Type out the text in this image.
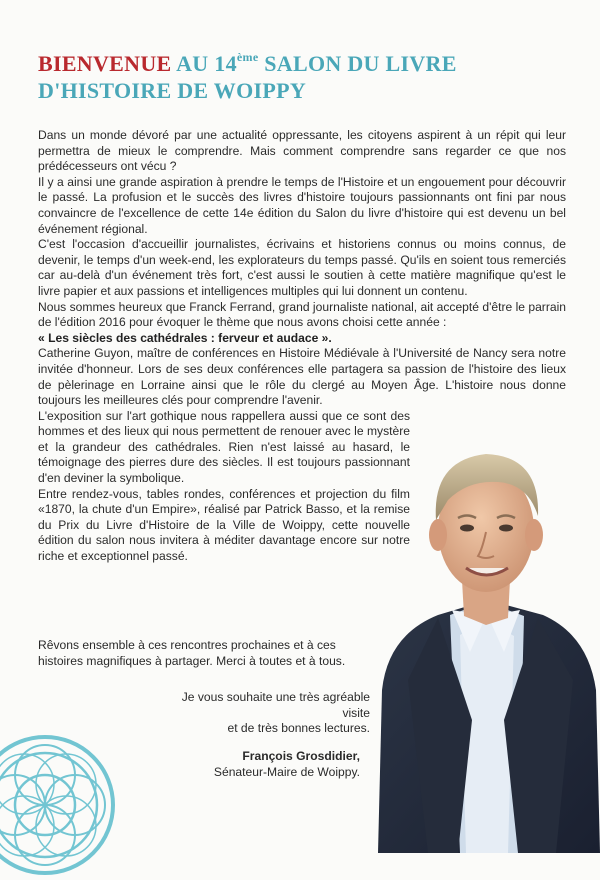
BIENVENUE AU 14ème SALON DU LIVRE
D'HISTOIRE DE WOIPPY

Dans un monde dévoré par une actualité oppressante, les citoyens aspirent à un répit qui leur permettra de mieux le comprendre. Mais comment comprendre sans regarder ce que nos prédécesseurs ont vécu ?

Il y a ainsi une grande aspiration à prendre le temps de l'Histoire et un engouement pour découvrir le passé. La profusion et le succès des livres d'histoire toujours passionnants ont fini par nous convaincre de l'excellence de cette 14e édition du Salon du livre d'histoire qui est devenu un bel événement régional.

C'est l'occasion d'accueillir journalistes, écrivains et historiens connus ou moins connus, de devenir, le temps d'un week-end, les explorateurs du temps passé. Qu'ils en soient tous remerciés car au-delà d'un événement très fort, c'est aussi le soutien à cette matière magnifique qu'est le livre papier et aux passions et intelligences multiples qui lui donnent un contenu.

Nous sommes heureux que Franck Ferrand, grand journaliste national, ait accepté d'être le parrain de l'édition 2016 pour évoquer le thème que nous avons choisi cette année :

« Les siècles des cathédrales : ferveur et audace ».

Catherine Guyon, maître de conférences en Histoire Médiévale à l'Université de Nancy sera notre invitée d'honneur. Lors de ses deux conférences elle partagera sa passion de l'histoire des lieux de pèlerinage en Lorraine ainsi que le rôle du clergé au Moyen Âge. L'histoire nous donne toujours les meilleures clés pour comprendre l'avenir.

L'exposition sur l'art gothique nous rappellera aussi que ce sont des hommes et des lieux qui nous permettent de renouer avec le mystère et la grandeur des cathédrales. Rien n'est laissé au hasard, le témoignage des pierres dure des siècles. Il est toujours passionnant d'en deviner la symbolique.

Entre rendez-vous, tables rondes, conférences et projection du film «1870, la chute d'un Empire», réalisé par Patrick Basso, et la remise du Prix du Livre d'Histoire de la Ville de Woippy, cette nouvelle édition du salon nous invitera à méditer davantage encore sur notre riche et exceptionnel passé.

Rêvons ensemble à ces rencontres prochaines et à ces histoires magnifiques à partager. Merci à toutes et à tous.

Je vous souhaite une très agréable visite
et de très bonnes lectures.

François Grosdidier,
Sénateur-Maire de Woippy.
